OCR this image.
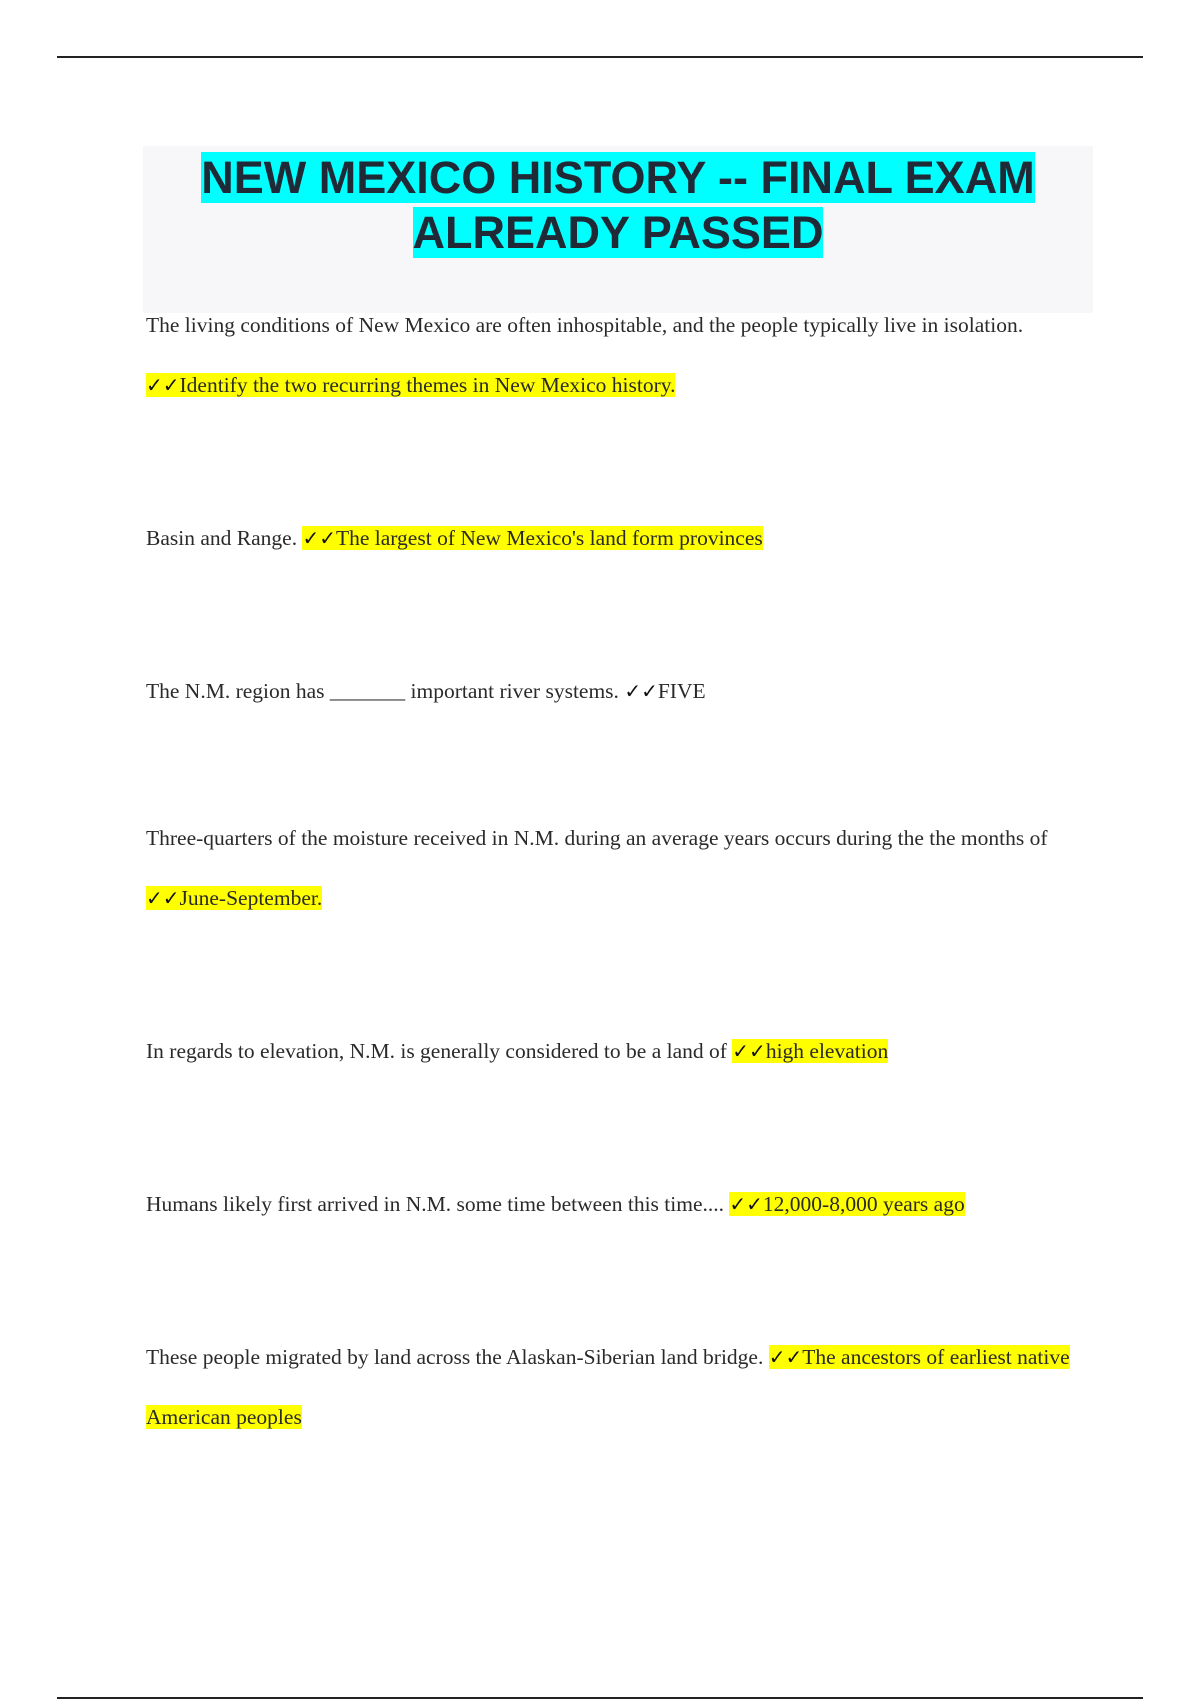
NEW MEXICO HISTORY -- FINAL EXAM ALREADY PASSED

The living conditions of New Mexico are often inhospitable, and the people typically live in isolation. ✓✓Identify the two recurring themes in New Mexico history.

Basin and Range. ✓✓The largest of New Mexico's land form provinces

The N.M. region has _______ important river systems. ✓✓FIVE

Three-quarters of the moisture received in N.M. during an average years occurs during the the months of ✓✓June-September.

In regards to elevation, N.M. is generally considered to be a land of ✓✓high elevation

Humans likely first arrived in N.M. some time between this time.... ✓✓12,000-8,000 years ago

These people migrated by land across the Alaskan-Siberian land bridge. ✓✓The ancestors of earliest native American peoples
